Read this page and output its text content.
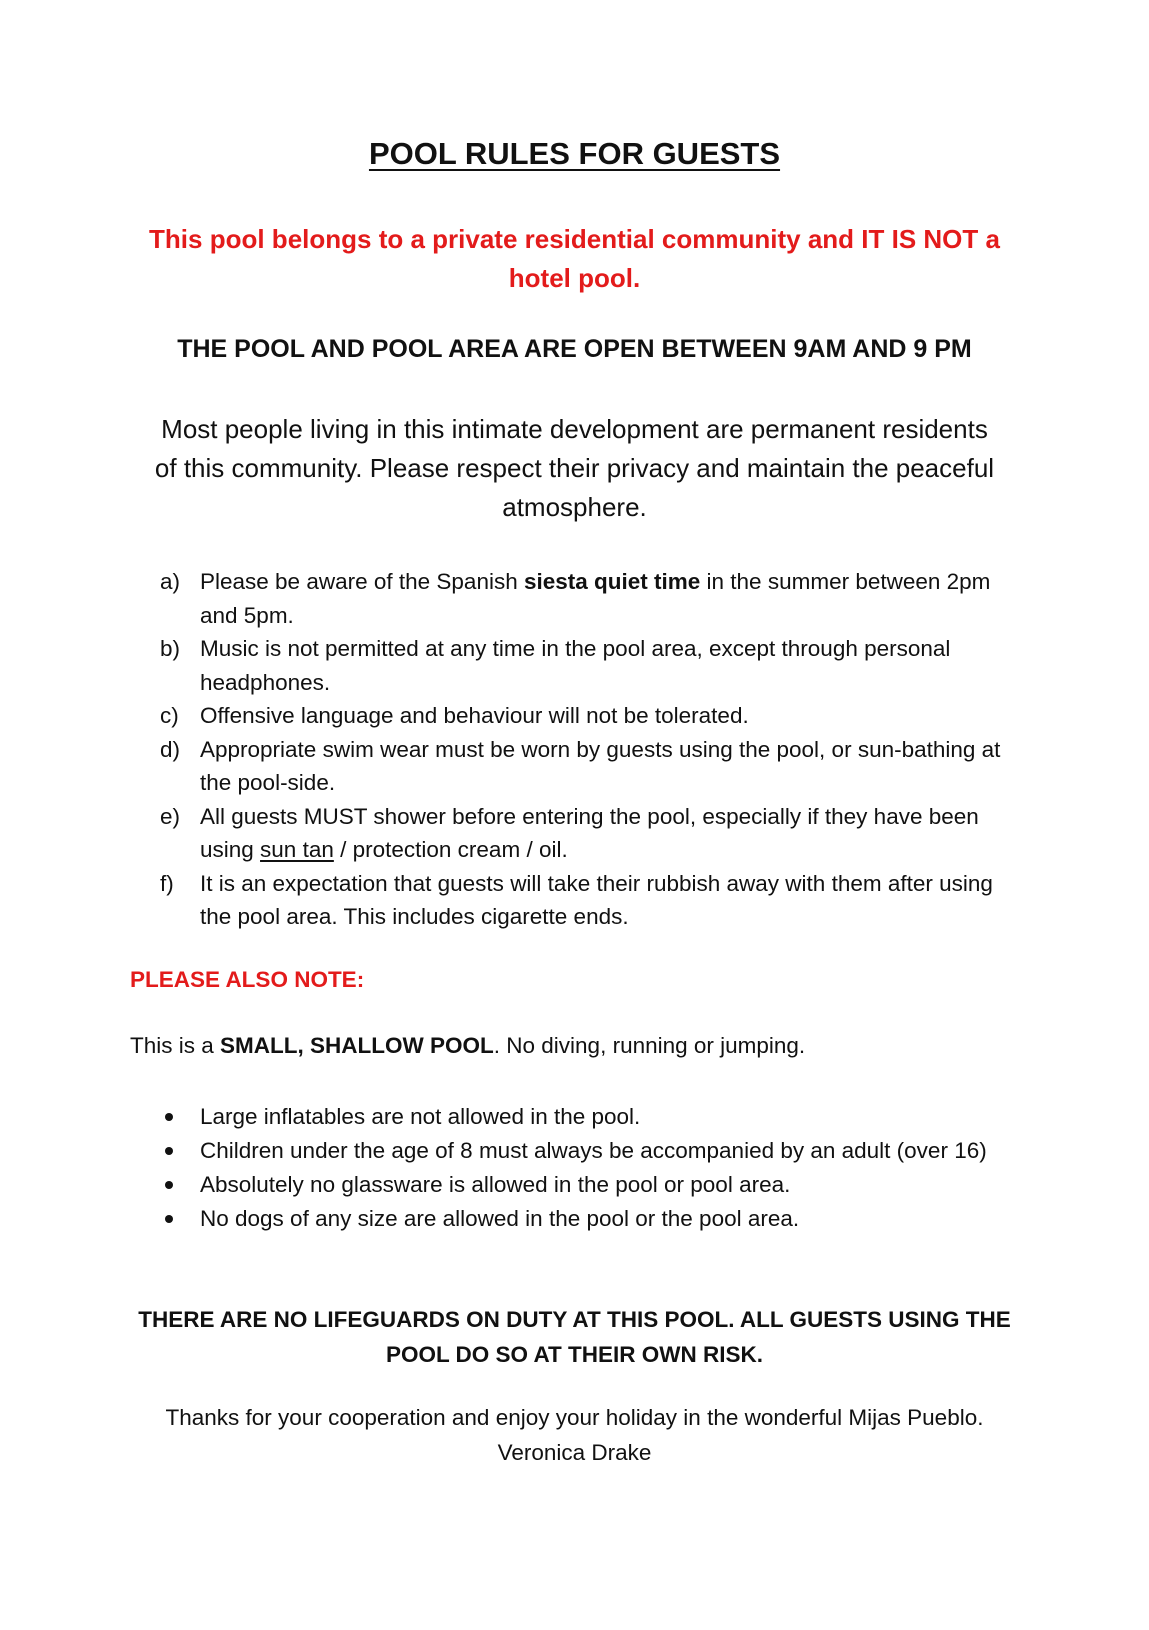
POOL RULES FOR GUESTS

This pool belongs to a private residential community and IT IS NOT a hotel pool.

THE POOL AND POOL AREA ARE OPEN BETWEEN 9AM AND 9 PM

Most people living in this intimate development are permanent residents of this community. Please respect their privacy and maintain the peaceful atmosphere.

a) Please be aware of the Spanish siesta quiet time in the summer between 2pm and 5pm.
b) Music is not permitted at any time in the pool area, except through personal headphones.
c) Offensive language and behaviour will not be tolerated.
d) Appropriate swim wear must be worn by guests using the pool, or sun-bathing at the pool-side.
e) All guests MUST shower before entering the pool, especially if they have been using sun tan / protection cream / oil.
f) It is an expectation that guests will take their rubbish away with them after using the pool area. This includes cigarette ends.

PLEASE ALSO NOTE:

This is a SMALL, SHALLOW POOL. No diving, running or jumping.

Large inflatables are not allowed in the pool.
Children under the age of 8 must always be accompanied by an adult (over 16)
Absolutely no glassware is allowed in the pool or pool area.
No dogs of any size are allowed in the pool or the pool area.

THERE ARE NO LIFEGUARDS ON DUTY AT THIS POOL. ALL GUESTS USING THE POOL DO SO AT THEIR OWN RISK.

Thanks for your cooperation and enjoy your holiday in the wonderful Mijas Pueblo. Veronica Drake
